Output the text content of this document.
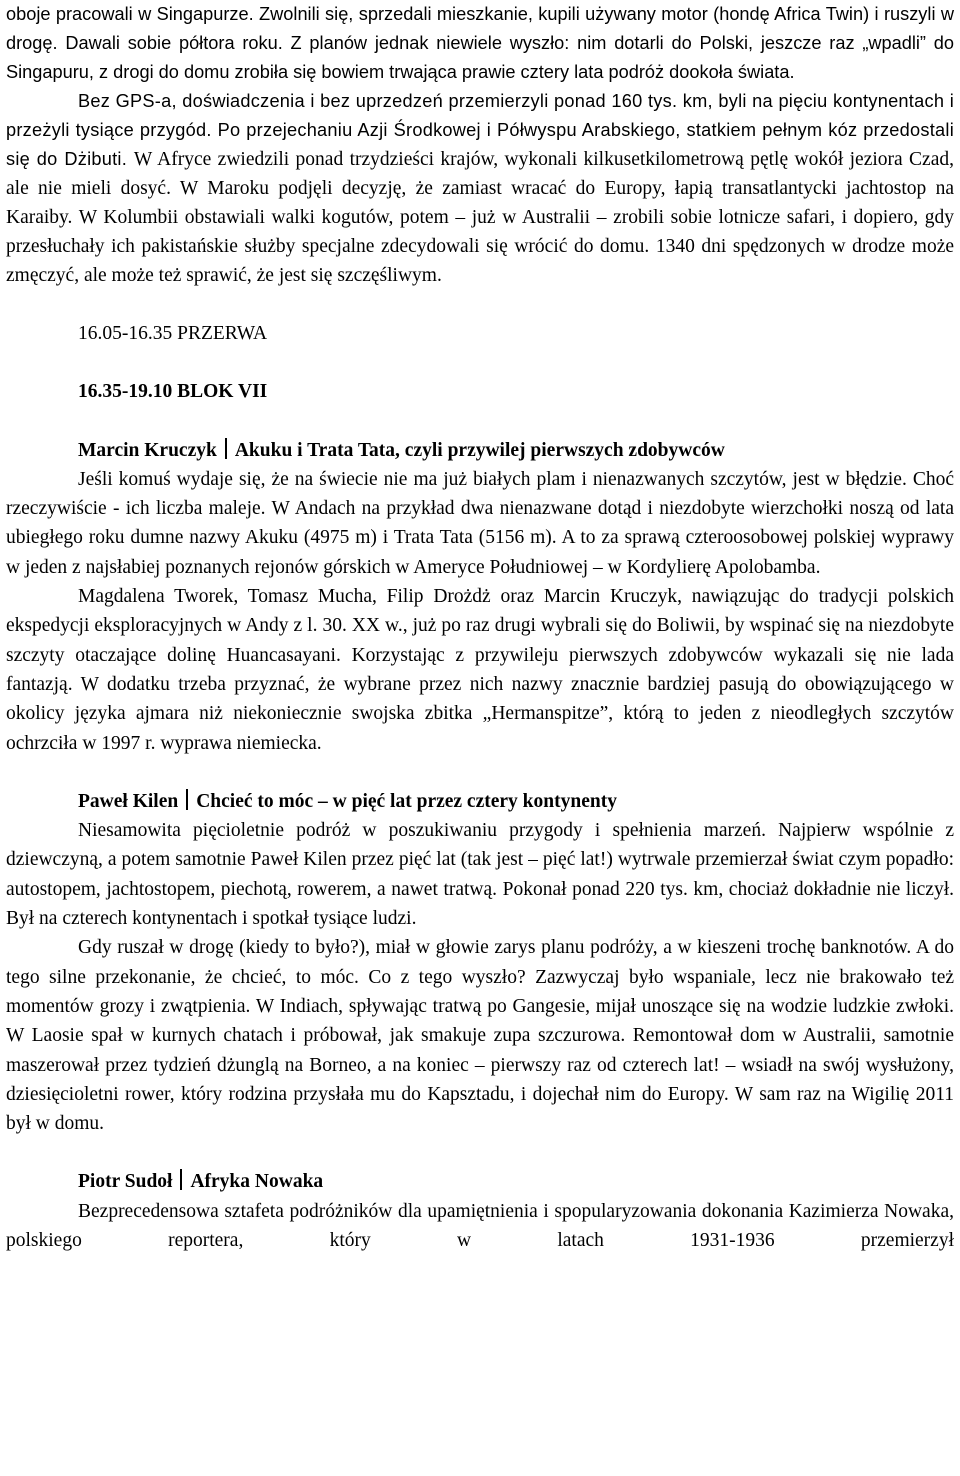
oboje pracowali w Singapurze. Zwolnili się, sprzedali mieszkanie, kupili używany motor (hondę Africa Twin) i ruszyli w drogę. Dawali sobie półtora roku. Z planów jednak niewiele wyszło: nim dotarli do Polski, jeszcze raz „wpadli” do Singapuru, z drogi do domu zrobiła się bowiem trwająca prawie cztery lata podróż dookoła świata.

Bez GPS-a, doświadczenia i bez uprzedzeń przemierzyli ponad 160 tys. km, byli na pięciu kontynentach i przeżyli tysiące przygód. Po przejechaniu Azji Środkowej i Półwyspu Arabskiego, statkiem pełnym kóz przedostali się do Dżibuti. W Afryce zwiedzili ponad trzydzieści krajów, wykonali kilkusetkilometrową pętlę wokół jeziora Czad, ale nie mieli dosyć. W Maroku podjęli decyzję, że zamiast wracać do Europy, łapią transatlantycki jachtostop na Karaiby. W Kolumbii obstawiali walki kogutów, potem – już w Australii – zrobili sobie lotnicze safari, i dopiero, gdy przesłuchały ich pakistańskie służby specjalne zdecydowali się wrócić do domu. 1340 dni spędzonych w drodze może zmęczyć, ale może też sprawić, że jest się szczęśliwym.

16.05-16.35 PRZERWA

16.35-19.10 BLOK VII

Marcin Kruczyk Akuku i Trata Tata, czyli przywilej pierwszych zdobywców

Jeśli komuś wydaje się, że na świecie nie ma już białych plam i nienazwanych szczytów, jest w błędzie. Choć rzeczywiście - ich liczba maleje. W Andach na przykład dwa nienazwane dotąd i niezdobyte wierzchołki noszą od lata ubiegłego roku dumne nazwy Akuku (4975 m) i Trata Tata (5156 m). A to za sprawą czteroosobowej polskiej wyprawy w jeden z najsłabiej poznanych rejonów górskich w Ameryce Południowej – w Kordylierę Apolobamba.

Magdalena Tworek, Tomasz Mucha, Filip Drożdż oraz Marcin Kruczyk, nawiązując do tradycji polskich ekspedycji eksploracyjnych w Andy z l. 30. XX w., już po raz drugi wybrali się do Boliwii, by wspinać się na niezdobyte szczyty otaczające dolinę Huancasayani. Korzystając z przywileju pierwszych zdobywców wykazali się nie lada fantazją. W dodatku trzeba przyznać, że wybrane przez nich nazwy znacznie bardziej pasują do obowiązującego w okolicy języka ajmara niż niekoniecznie swojska zbitka „Hermanspitze”, którą to jeden z nieodległych szczytów ochrzciła w 1997 r. wyprawa niemiecka.

Paweł Kilen Chcieć to móc – w pięć lat przez cztery kontynenty

Niesamowita pięcioletnie podróż w poszukiwaniu przygody i spełnienia marzeń. Najpierw wspólnie z dziewczyną, a potem samotnie Paweł Kilen przez pięć lat (tak jest – pięć lat!) wytrwale przemierzał świat czym popadło: autostopem, jachtostopem, piechotą, rowerem, a nawet tratwą. Pokonał ponad 220 tys. km, chociaż dokładnie nie liczył. Był na czterech kontynentach i spotkał tysiące ludzi.

Gdy ruszał w drogę (kiedy to było?), miał w głowie zarys planu podróży, a w kieszeni trochę banknotów. A do tego silne przekonanie, że chcieć, to móc. Co z tego wyszło? Zazwyczaj było wspaniale, lecz nie brakowało też momentów grozy i zwątpienia. W Indiach, spływając tratwą po Gangesie, mijał unoszące się na wodzie ludzkie zwłoki. W Laosie spał w kurnych chatach i próbował, jak smakuje zupa szczurowa. Remontował dom w Australii, samotnie maszerował przez tydzień dżunglą na Borneo, a na koniec – pierwszy raz od czterech lat! – wsiadł na swój wysłużony, dziesięcioletni rower, który rodzina przysłała mu do Kapsztadu, i dojechał nim do Europy. W sam raz na Wigilię 2011 był w domu.

Piotr Sudoł Afryka Nowaka

Bezprecedensowa sztafeta podróżników dla upamiętnienia i spopularyzowania dokonania Kazimierza Nowaka, polskiego reportera, który w latach 1931-1936 przemierzył
